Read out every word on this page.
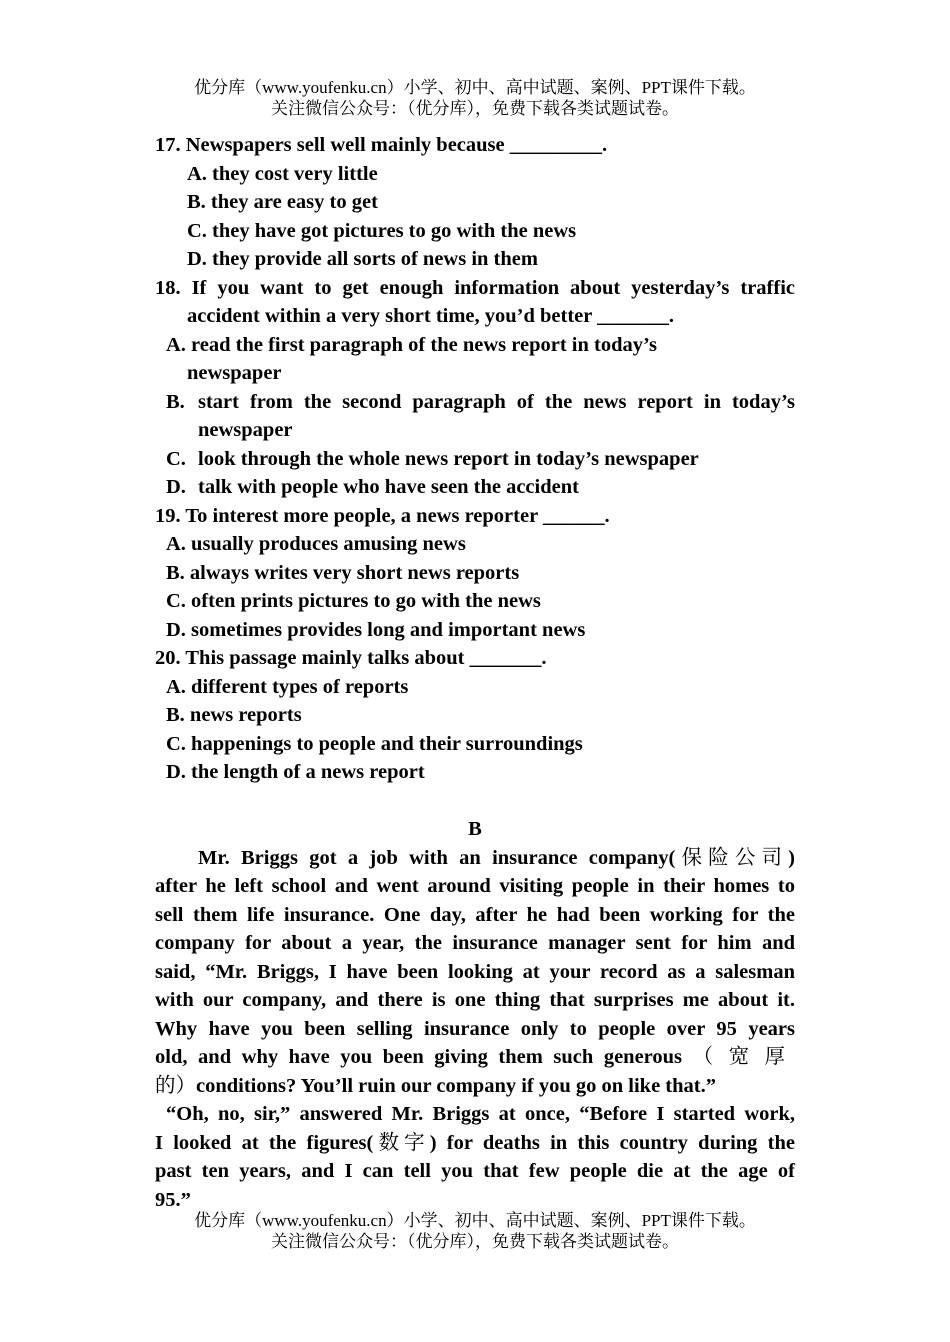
优分库（www.youfenku.cn）小学、初中、高中试题、案例、PPT课件下载。
关注微信公众号：（优分库），免费下载各类试题试卷。
17. Newspapers sell well mainly because _________.
A. they cost very little
B. they are easy to get
C. they have got pictures to go with the news
D. they provide all sorts of news in them
18. If you want to get enough information about yesterday’s traffic
accident within a very short time, you’d better _______.
A. read the first paragraph of the news report in today’s
newspaper
B. start from the second paragraph of the news report in today’s
newspaper
C. look through the whole news report in today’s newspaper
D. talk with people who have seen the accident
19. To interest more people, a news reporter ______.
A. usually produces amusing news
B. always writes very short news reports
C. often prints pictures to go with the news
D. sometimes provides long and important news
20. This passage mainly talks about _______.
A. different types of reports
B. news reports
C. happenings to people and their surroundings
D. the length of a news report
B
Mr. Briggs got a job with an insurance company(保险公司)
after he left school and went around visiting people in their homes to
sell them life insurance. One day, after he had been working for the
company for about a year, the insurance manager sent for him and
said, “Mr. Briggs, I have been looking at your record as a salesman
with our company, and there is one thing that surprises me about it.
Why have you been selling insurance only to people over 95 years
old, and why have you been giving them such generous （宽厚
的）conditions? You’ll ruin our company if you go on like that.”
“Oh, no, sir,” answered Mr. Briggs at once, “Before I started work,
I looked at the figures(数字) for deaths in this country during the
past ten years, and I can tell you that few people die at the age of
95.”
优分库（www.youfenku.cn）小学、初中、高中试题、案例、PPT课件下载。
关注微信公众号：（优分库），免费下载各类试题试卷。
